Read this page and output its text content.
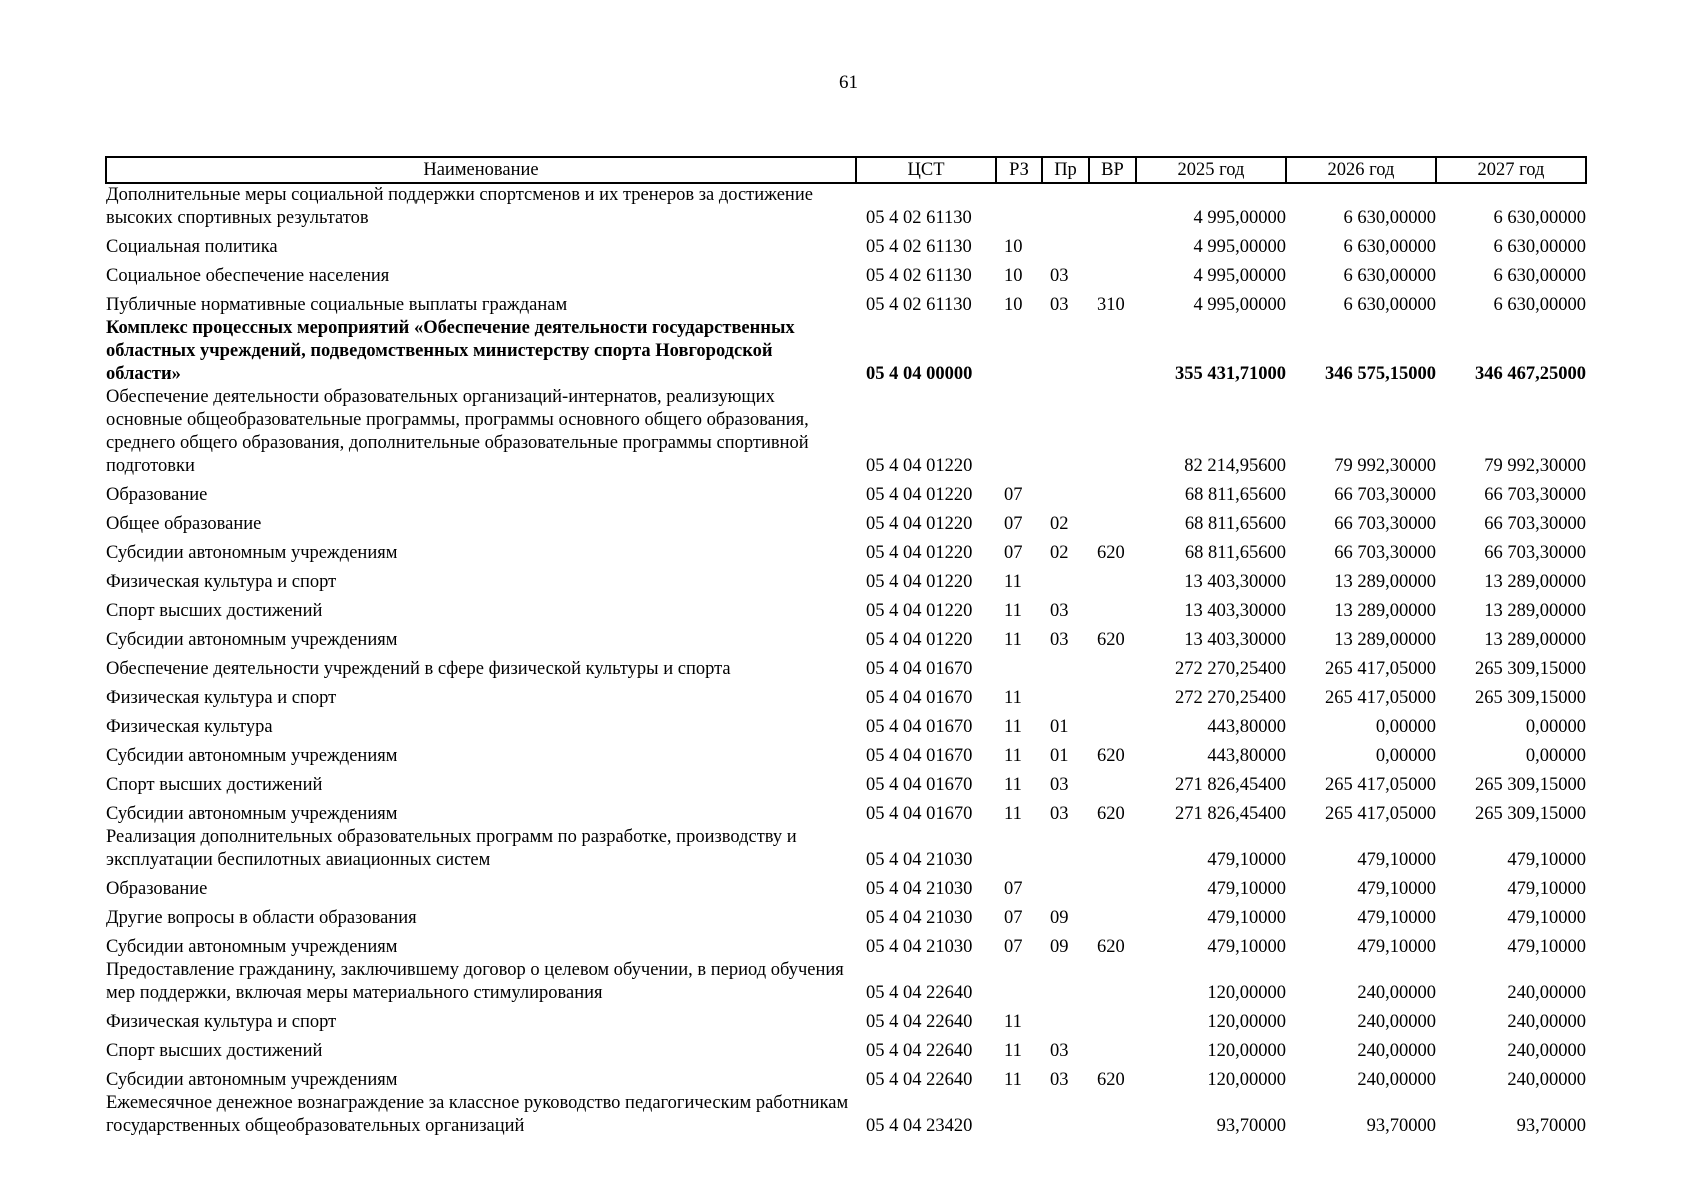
61
Наименование	ЦСТ	РЗ	Пр	ВР	2025 год	2026 год	2027 год
Дополнительные меры социальной поддержки спортсменов и их тренеров за достижение высоких спортивных результатов	05 4 02 61130				4 995,00000	6 630,00000	6 630,00000
Социальная политика	05 4 02 61130	10			4 995,00000	6 630,00000	6 630,00000
Социальное обеспечение населения	05 4 02 61130	10	03		4 995,00000	6 630,00000	6 630,00000
Публичные нормативные социальные выплаты гражданам	05 4 02 61130	10	03	310	4 995,00000	6 630,00000	6 630,00000
Комплекс процессных мероприятий «Обеспечение деятельности государственных областных учреждений, подведомственных министерству спорта Новгородской области»	05 4 04 00000				355 431,71000	346 575,15000	346 467,25000
Обеспечение деятельности образовательных организаций-интернатов, реализующих основные общеобразовательные программы, программы основного общего образования, среднего общего образования, дополнительные образовательные программы спортивной подготовки	05 4 04 01220				82 214,95600	79 992,30000	79 992,30000
Образование	05 4 04 01220	07			68 811,65600	66 703,30000	66 703,30000
Общее образование	05 4 04 01220	07	02		68 811,65600	66 703,30000	66 703,30000
Субсидии автономным учреждениям	05 4 04 01220	07	02	620	68 811,65600	66 703,30000	66 703,30000
Физическая культура и спорт	05 4 04 01220	11			13 403,30000	13 289,00000	13 289,00000
Спорт высших достижений	05 4 04 01220	11	03		13 403,30000	13 289,00000	13 289,00000
Субсидии автономным учреждениям	05 4 04 01220	11	03	620	13 403,30000	13 289,00000	13 289,00000
Обеспечение деятельности учреждений в сфере физической культуры и спорта	05 4 04 01670				272 270,25400	265 417,05000	265 309,15000
Физическая культура и спорт	05 4 04 01670	11			272 270,25400	265 417,05000	265 309,15000
Физическая культура	05 4 04 01670	11	01		443,80000	0,00000	0,00000
Субсидии автономным учреждениям	05 4 04 01670	11	01	620	443,80000	0,00000	0,00000
Спорт высших достижений	05 4 04 01670	11	03		271 826,45400	265 417,05000	265 309,15000
Субсидии автономным учреждениям	05 4 04 01670	11	03	620	271 826,45400	265 417,05000	265 309,15000
Реализация дополнительных образовательных программ по разработке, производству и эксплуатации беспилотных авиационных систем	05 4 04 21030				479,10000	479,10000	479,10000
Образование	05 4 04 21030	07			479,10000	479,10000	479,10000
Другие вопросы в области образования	05 4 04 21030	07	09		479,10000	479,10000	479,10000
Субсидии автономным учреждениям	05 4 04 21030	07	09	620	479,10000	479,10000	479,10000
Предоставление гражданину, заключившему договор о целевом обучении, в период обучения мер поддержки, включая меры материального стимулирования	05 4 04 22640				120,00000	240,00000	240,00000
Физическая культура и спорт	05 4 04 22640	11			120,00000	240,00000	240,00000
Спорт высших достижений	05 4 04 22640	11	03		120,00000	240,00000	240,00000
Субсидии автономным учреждениям	05 4 04 22640	11	03	620	120,00000	240,00000	240,00000
Ежемесячное денежное вознаграждение за классное руководство педагогическим работникам государственных общеобразовательных организаций	05 4 04 23420				93,70000	93,70000	93,70000
